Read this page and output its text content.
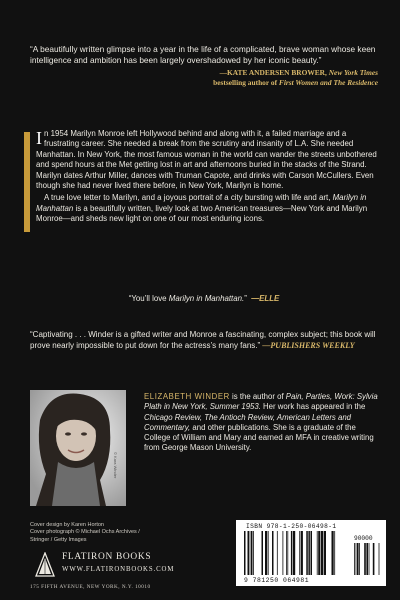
“A beautifully written glimpse into a year in the life of a complicated, brave woman whose keen intelligence and ambition has been largely overshadowed by her iconic beauty.”
—KATE ANDERSEN BROWER, New York Times
bestselling author of First Women and The Residence

In 1954 Marilyn Monroe left Hollywood behind and along with it, a failed marriage and a frustrating career. She needed a break from the scrutiny and insanity of L.A. She needed Manhattan. In New York, the most famous woman in the world can wander the streets unbothered and spend hours at the Met getting lost in art and afternoons buried in the stacks of the Strand. Marilyn dates Arthur Miller, dances with Truman Capote, and drinks with Carson McCullers. Even though she had never lived there before, in New York, Marilyn is home.

A true love letter to Marilyn, and a joyous portrait of a city bursting with life and art, Marilyn in Manhattan is a beautifully written, lively look at two American treasures—New York and Marilyn Monroe—and sheds new light on one of our most enduring icons.

“You’ll love Marilyn in Manhattan.” —ELLE
“Captivating . . . Winder is a gifted writer and Monroe a fascinating, complex subject; this book will prove nearly impossible to put down for the actress’s many fans.” —PUBLISHERS WEEKLY
© Kara Winder
ELIZABETH WINDER is the author of Pain, Parties, Work: Sylvia Plath in New York, Summer 1953. Her work has appeared in the Chicago Review, The Antioch Review, American Letters and Commentary, and other publications. She is a graduate of the College of William and Mary and earned an MFA in creative writing from George Mason University.
Cover design by Karen Horton
Cover photograph © Michael Ochs Archives /
Stringer / Getty Images
FLATIRON BOOKS
WWW.FLATIRONBOOKS.COM
175 FIFTH AVENUE, NEW YORK, N.Y. 10010
ISBN 978-1-250-06498-1
90000
9 781250 064981
